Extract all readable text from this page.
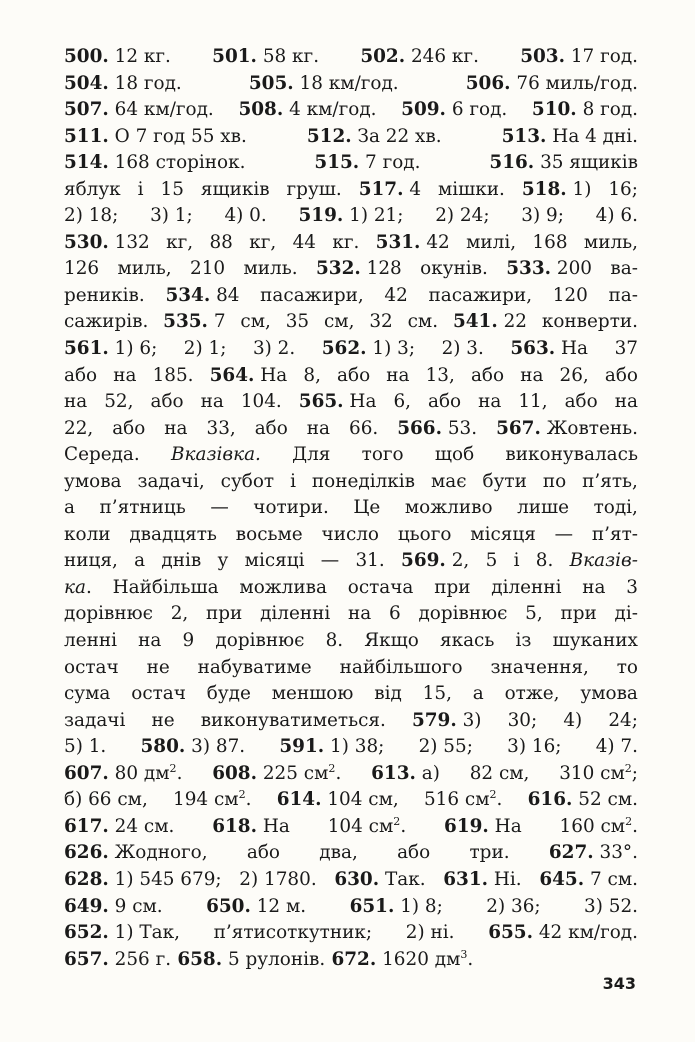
500. 12 кг. 501. 58 кг. 502. 246 кг. 503. 17 год.
504. 18 год.	505. 18 км/год.	506. 76 миль/год.
507. 64 км/год. 508. 4 км/год. 509. 6 год. 510. 8 год.
511. О 7 год 55 хв.	512. За 22 хв.	513. На 4 дні.
514. 168 сторінок.	515. 7 год.	516. 35 ящиків
яблук і 15 ящиків груш. 517. 4 мішки. 518. 1) 16;
2) 18; 3) 1; 4) 0. 519. 1) 21; 2) 24; 3) 9; 4) 6.
530. 132 кг, 88 кг, 44 кг. 531. 42 милі, 168 миль,
126 миль, 210 миль. 532. 128 окунів. 533. 200 ва-
реників. 534. 84 пасажири, 42 пасажири, 120 па-
сажирів. 535. 7 см, 35 см, 32 см. 541. 22 конверти.
561. 1) 6; 2) 1; 3) 2. 562. 1) 3; 2) 3. 563. На 37
або на 185. 564. На 8, або на 13, або на 26, або
на 52, або на 104. 565. На 6, або на 11, або на
22, або на 33, або на 66. 566. 53. 567. Жовтень.
Середа. Вказівка. Для того щоб виконувалась
умова задачі, субот і понеділків має бути по п’ять,
а п’ятниць — чотири. Це можливо лише тоді,
коли двадцять восьме число цього місяця — п’ят-
ниця, а днів у місяці — 31. 569. 2, 5 і 8. Вказів-
ка. Найбільша можлива остача при діленні на 3
дорівнює 2, при діленні на 6 дорівнює 5, при ді-
ленні на 9 дорівнює 8. Якщо якась із шуканих
остач не набуватиме найбільшого значення, то
сума остач буде меншою від 15, а отже, умова
задачі не виконуватиметься. 579. 3) 30; 4) 24;
5) 1. 580. 3) 87. 591. 1) 38; 2) 55; 3) 16; 4) 7.
607. 80 $дм^2$. 608. 225 $см^2$. 613. а) 82 см, 310 $см^2$;
б) 66 см, 194 $см^2$. 614. 104 см, 516 $см^2$. 616. 52 см.
617. 24 см. 618. На 104 $см^2$. 619. На 160 $см^2$.
626. Жодного, або два, або три. 627. 33°.
628. 1) 545 679; 2) 1780. 630. Так. 631. Ні. 645. 7 см.
649. 9 см. 650. 12 м. 651. 1) 8; 2) 36; 3) 52.
652. 1) Так, п’ятисоткутник; 2) ні. 655. 42 км/год.
657. 256 г. 658. 5 рулонів. 672. 1620 $дм^3$.
343
